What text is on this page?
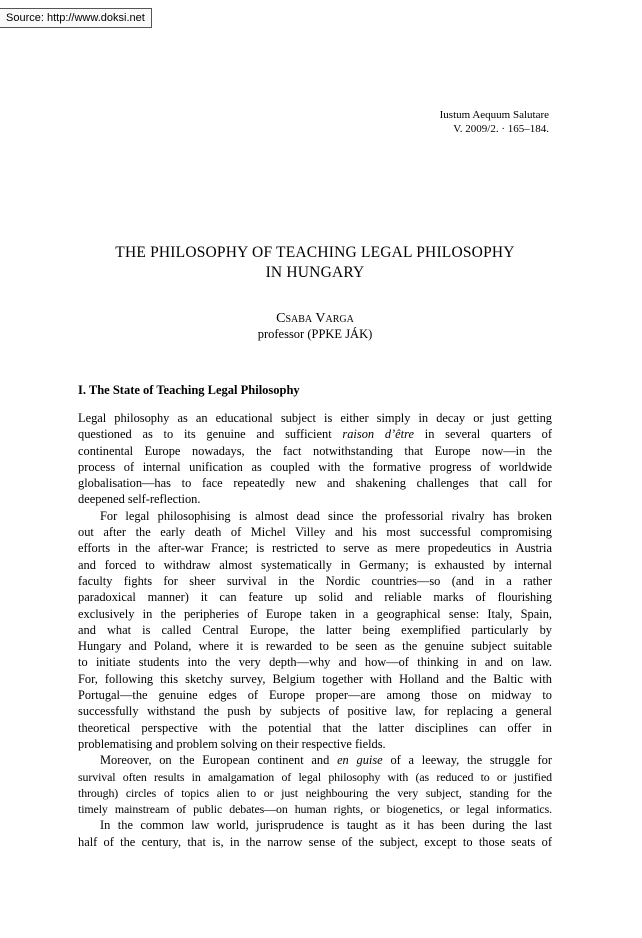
Source: http://www.doksi.net
Iustum Aequum Salutare
V. 2009/2. · 165–184.
THE PHILOSOPHY OF TEACHING LEGAL PHILOSOPHY
IN HUNGARY
Csaba Varga
professor (PPKE JÁK)
I. The State of Teaching Legal Philosophy
Legal philosophy as an educational subject is either simply in decay or just getting
questioned as to its genuine and sufficient raison d’être in several quarters of
continental Europe nowadays, the fact notwithstanding that Europe now—in the
process of internal unification as coupled with the formative progress of worldwide
globalisation—has to face repeatedly new and shakening challenges that call for
deepened self-reflection.
For legal philosophising is almost dead since the professorial rivalry has broken
out after the early death of Michel Villey and his most successful compromising
efforts in the after-war France; is restricted to serve as mere propedeutics in Austria
and forced to withdraw almost systematically in Germany; is exhausted by internal
faculty fights for sheer survival in the Nordic countries—so (and in a rather
paradoxical manner) it can feature up solid and reliable marks of flourishing
exclusively in the peripheries of Europe taken in a geographical sense: Italy, Spain,
and what is called Central Europe, the latter being exemplified particularly by
Hungary and Poland, where it is rewarded to be seen as the genuine subject suitable
to initiate students into the very depth—why and how—of thinking in and on law.
For, following this sketchy survey, Belgium together with Holland and the Baltic with
Portugal—the genuine edges of Europe proper—are among those on midway to
successfully withstand the push by subjects of positive law, for replacing a general
theoretical perspective with the potential that the latter disciplines can offer in
problematising and problem solving on their respective fields.
Moreover, on the European continent and en guise of a leeway, the struggle for
survival often results in amalgamation of legal philosophy with (as reduced to or justified
through) circles of topics alien to or just neighbouring the very subject, standing for the
timely mainstream of public debates—on human rights, or biogenetics, or legal informatics.
In the common law world, jurisprudence is taught as it has been during the last
half of the century, that is, in the narrow sense of the subject, except to those seats of
